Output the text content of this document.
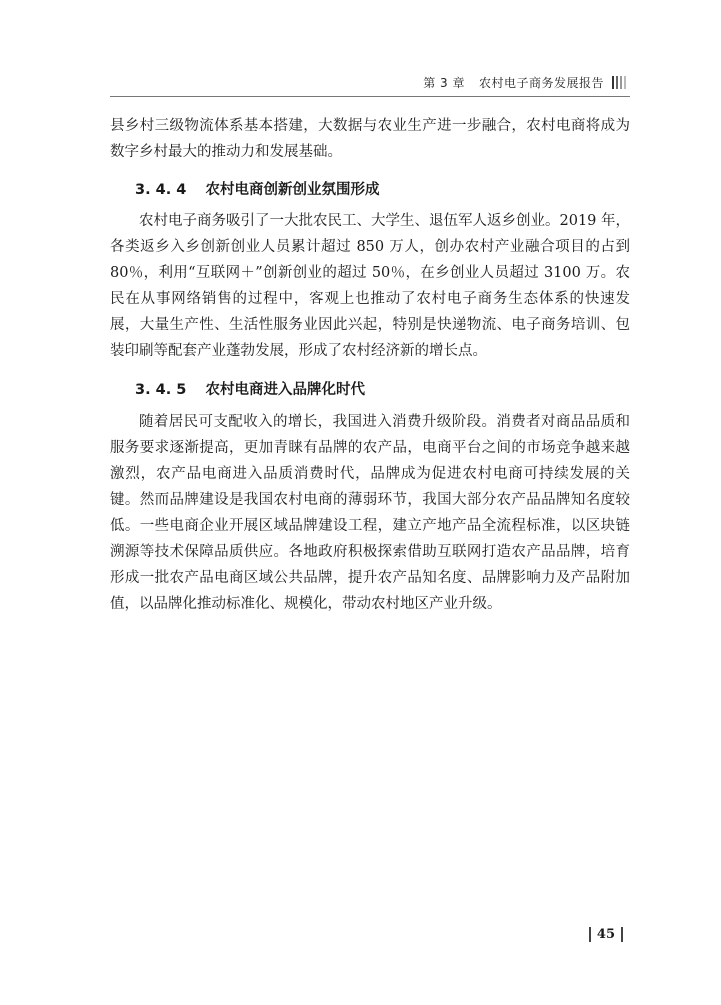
第 3 章 农村电子商务发展报告

县乡村三级物流体系基本搭建，大数据与农业生产进一步融合，农村电商将成为数字乡村最大的推动力和发展基础。

3. 4. 4 农村电商创新创业氛围形成

农村电子商务吸引了一大批农民工、大学生、退伍军人返乡创业。2019 年，各类返乡入乡创新创业人员累计超过 850 万人，创办农村产业融合项目的占到 80％，利用“互联网＋”创新创业的超过 50％，在乡创业人员超过 3100 万。农民在从事网络销售的过程中，客观上也推动了农村电子商务生态体系的快速发展，大量生产性、生活性服务业因此兴起，特别是快递物流、电子商务培训、包装印刷等配套产业蓬勃发展，形成了农村经济新的增长点。

3. 4. 5 农村电商进入品牌化时代

随着居民可支配收入的增长，我国进入消费升级阶段。消费者对商品品质和服务要求逐渐提高，更加青睐有品牌的农产品，电商平台之间的市场竞争越来越激烈，农产品电商进入品质消费时代，品牌成为促进农村电商可持续发展的关键。然而品牌建设是我国农村电商的薄弱环节，我国大部分农产品品牌知名度较低。一些电商企业开展区域品牌建设工程，建立产地产品全流程标准，以区块链溯源等技术保障品质供应。各地政府积极探索借助互联网打造农产品品牌，培育形成一批农产品电商区域公共品牌，提升农产品知名度、品牌影响力及产品附加值，以品牌化推动标准化、规模化，带动农村地区产业升级。

45
